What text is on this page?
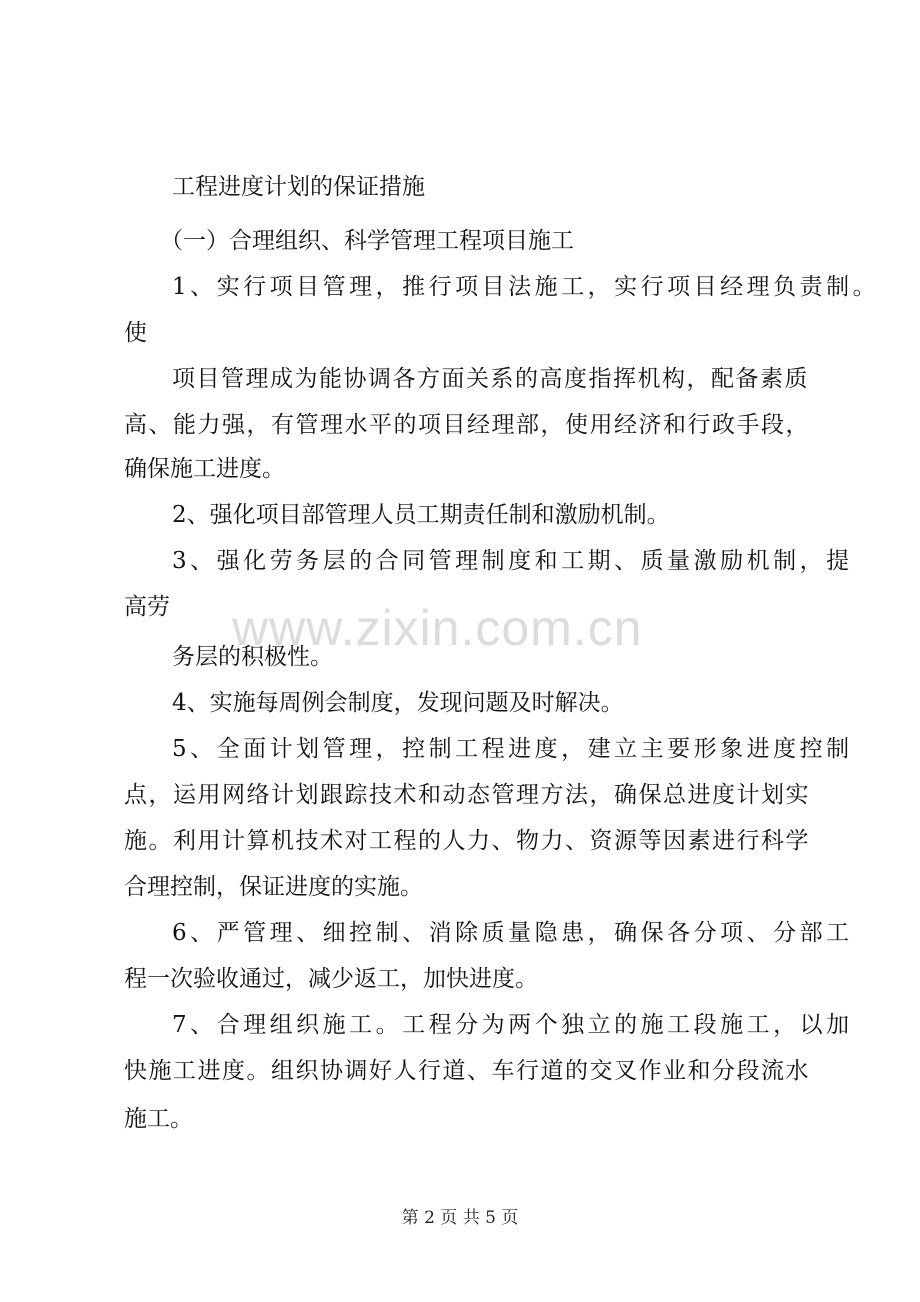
工程进度计划的保证措施
（一）合理组织、科学管理工程项目施工
1、实行项目管理，推行项目法施工，实行项目经理负责制。
使
项目管理成为能协调各方面关系的高度指挥机构，配备素质
高、能力强，有管理水平的项目经理部，使用经济和行政手段，
确保施工进度。
2、强化项目部管理人员工期责任制和激励机制。
3、强化劳务层的合同管理制度和工期、质量激励机制，提
高劳
务层的积极性。
4、实施每周例会制度，发现问题及时解决。
5、全面计划管理，控制工程进度，建立主要形象进度控制
点，运用网络计划跟踪技术和动态管理方法，确保总进度计划实
施。利用计算机技术对工程的人力、物力、资源等因素进行科学
合理控制，保证进度的实施。
6、严管理、细控制、消除质量隐患，确保各分项、分部工
程一次验收通过，减少返工，加快进度。
7、合理组织施工。工程分为两个独立的施工段施工，以加
快施工进度。组织协调好人行道、车行道的交叉作业和分段流水
施工。
www.zixin.com.cn
第 2 页 共 5 页
